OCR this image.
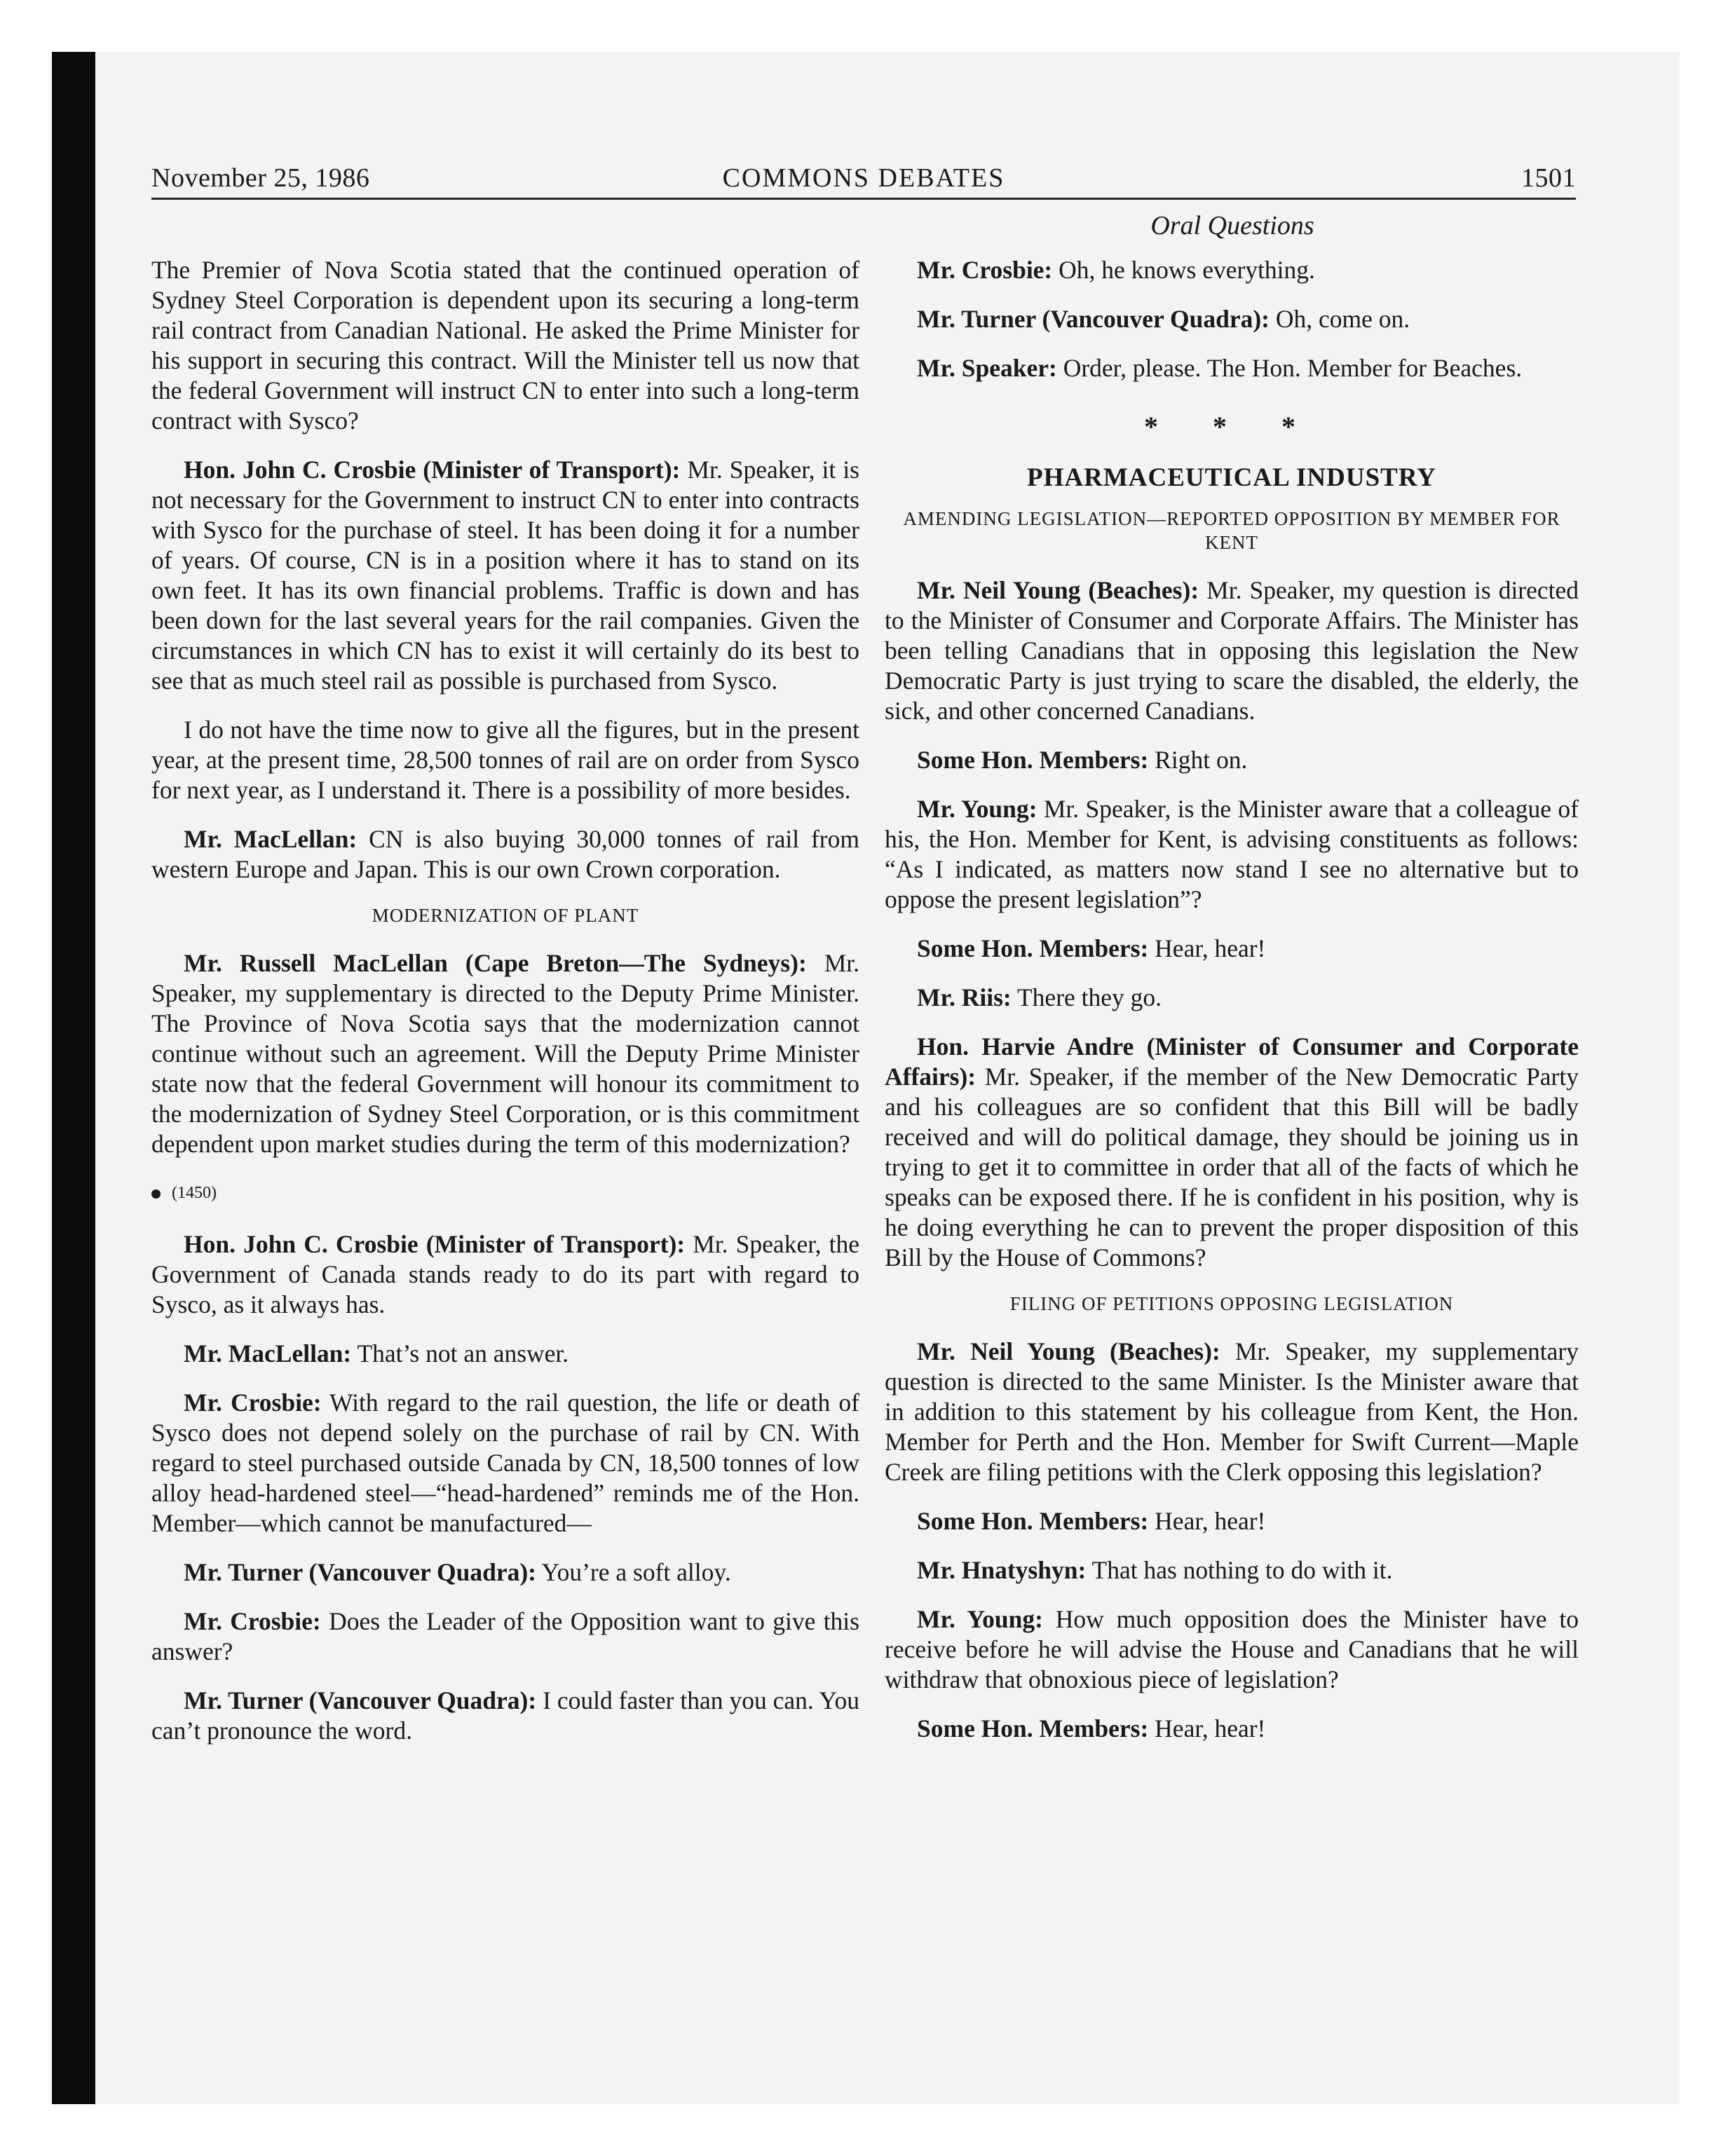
November 25, 1986	COMMONS DEBATES	1501
Oral Questions

The Premier of Nova Scotia stated that the continued operation of Sydney Steel Corporation is dependent upon its securing a long-term rail contract from Canadian National. He asked the Prime Minister for his support in securing this contract. Will the Minister tell us now that the federal Government will instruct CN to enter into such a long-term contract with Sysco?

Hon. John C. Crosbie (Minister of Transport): Mr. Speaker, it is not necessary for the Government to instruct CN to enter into contracts with Sysco for the purchase of steel. It has been doing it for a number of years. Of course, CN is in a position where it has to stand on its own feet. It has its own financial problems. Traffic is down and has been down for the last several years for the rail companies. Given the circumstances in which CN has to exist it will certainly do its best to see that as much steel rail as possible is purchased from Sysco.

I do not have the time now to give all the figures, but in the present year, at the present time, 28,500 tonnes of rail are on order from Sysco for next year, as I understand it. There is a possibility of more besides.

Mr. MacLellan: CN is also buying 30,000 tonnes of rail from western Europe and Japan. This is our own Crown corporation.

MODERNIZATION OF PLANT

Mr. Russell MacLellan (Cape Breton—The Sydneys): Mr. Speaker, my supplementary is directed to the Deputy Prime Minister. The Province of Nova Scotia says that the modernization cannot continue without such an agreement. Will the Deputy Prime Minister state now that the federal Government will honour its commitment to the modernization of Sydney Steel Corporation, or is this commitment dependent upon market studies during the term of this modernization?

(1450)

Hon. John C. Crosbie (Minister of Transport): Mr. Speaker, the Government of Canada stands ready to do its part with regard to Sysco, as it always has.

Mr. MacLellan: That’s not an answer.

Mr. Crosbie: With regard to the rail question, the life or death of Sysco does not depend solely on the purchase of rail by CN. With regard to steel purchased outside Canada by CN, 18,500 tonnes of low alloy head-hardened steel—“head-hardened” reminds me of the Hon. Member—which cannot be manufactured—

Mr. Turner (Vancouver Quadra): You’re a soft alloy.

Mr. Crosbie: Does the Leader of the Opposition want to give this answer?

Mr. Turner (Vancouver Quadra): I could faster than you can. You can’t pronounce the word.

Mr. Crosbie: Oh, he knows everything.

Mr. Turner (Vancouver Quadra): Oh, come on.

Mr. Speaker: Order, please. The Hon. Member for Beaches.

* * *
PHARMACEUTICAL INDUSTRY
AMENDING LEGISLATION—REPORTED OPPOSITION BY MEMBER FOR KENT

Mr. Neil Young (Beaches): Mr. Speaker, my question is directed to the Minister of Consumer and Corporate Affairs. The Minister has been telling Canadians that in opposing this legislation the New Democratic Party is just trying to scare the disabled, the elderly, the sick, and other concerned Canadians.

Some Hon. Members: Right on.

Mr. Young: Mr. Speaker, is the Minister aware that a colleague of his, the Hon. Member for Kent, is advising constituents as follows: “As I indicated, as matters now stand I see no alternative but to oppose the present legislation”?

Some Hon. Members: Hear, hear!

Mr. Riis: There they go.

Hon. Harvie Andre (Minister of Consumer and Corporate Affairs): Mr. Speaker, if the member of the New Democratic Party and his colleagues are so confident that this Bill will be badly received and will do political damage, they should be joining us in trying to get it to committee in order that all of the facts of which he speaks can be exposed there. If he is confident in his position, why is he doing everything he can to prevent the proper disposition of this Bill by the House of Commons?

FILING OF PETITIONS OPPOSING LEGISLATION

Mr. Neil Young (Beaches): Mr. Speaker, my supplementary question is directed to the same Minister. Is the Minister aware that in addition to this statement by his colleague from Kent, the Hon. Member for Perth and the Hon. Member for Swift Current—Maple Creek are filing petitions with the Clerk opposing this legislation?

Some Hon. Members: Hear, hear!

Mr. Hnatyshyn: That has nothing to do with it.

Mr. Young: How much opposition does the Minister have to receive before he will advise the House and Canadians that he will withdraw that obnoxious piece of legislation?

Some Hon. Members: Hear, hear!
